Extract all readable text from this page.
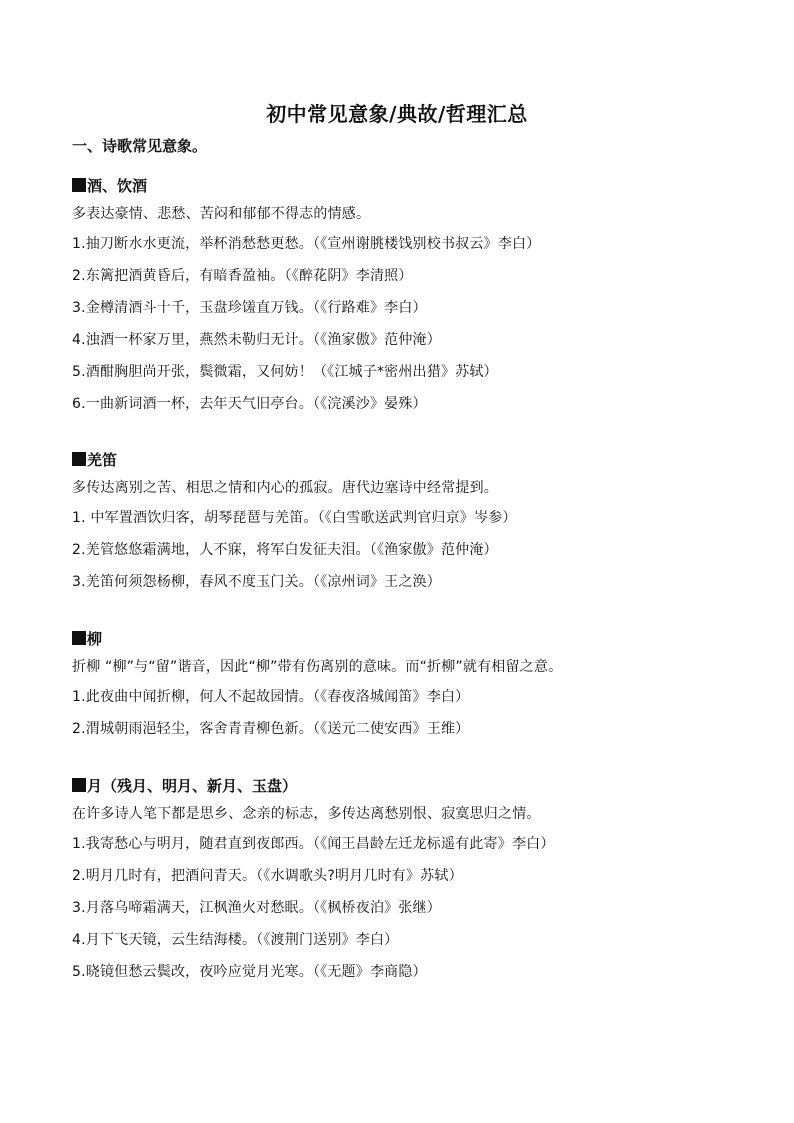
初中常见意象/典故/哲理汇总
一、诗歌常见意象。
酒、饮酒
多表达豪情、悲愁、苦闷和郁郁不得志的情感。
1.抽刀断水水更流，举杯消愁愁更愁。（《宣州谢朓楼饯别校书叔云》李白）
2.东篱把酒黄昏后，有暗香盈袖。（《醉花阴》李清照）
3.金樽清酒斗十千，玉盘珍馐直万钱。（《行路难》李白）
4.浊酒一杯家万里，燕然未勒归无计。（《渔家傲》范仲淹）
5.酒酣胸胆尚开张，鬓微霜，又何妨！（《江城子*密州出猎》苏轼）
6.一曲新词酒一杯，去年天气旧亭台。（《浣溪沙》晏殊）
羌笛
多传达离别之苦、相思之情和内心的孤寂。唐代边塞诗中经常提到。
1. 中军置酒饮归客，胡琴琵琶与羌笛。（《白雪歌送武判官归京》岑参）
2.羌管悠悠霜满地，人不寐，将军白发征夫泪。（《渔家傲》范仲淹）
3.羌笛何须怨杨柳，春风不度玉门关。（《凉州词》王之涣）
柳
折柳 “柳”与“留”谐音，因此“柳”带有伤离别的意味。而“折柳”就有相留之意。
1.此夜曲中闻折柳，何人不起故园情。（《春夜洛城闻笛》李白）
2.渭城朝雨浥轻尘，客舍青青柳色新。（《送元二使安西》王维）
月（残月、明月、新月、玉盘）
在许多诗人笔下都是思乡、念亲的标志，多传达离愁别恨、寂寞思归之情。
1.我寄愁心与明月，随君直到夜郎西。（《闻王昌龄左迁龙标遥有此寄》李白）
2.明月几时有，把酒问青天。（《水调歌头?明月几时有》苏轼）
3.月落乌啼霜满天，江枫渔火对愁眠。（《枫桥夜泊》张继）
4.月下飞天镜，云生结海楼。（《渡荆门送别》李白）
5.晓镜但愁云鬓改，夜吟应觉月光寒。（《无题》李商隐）
